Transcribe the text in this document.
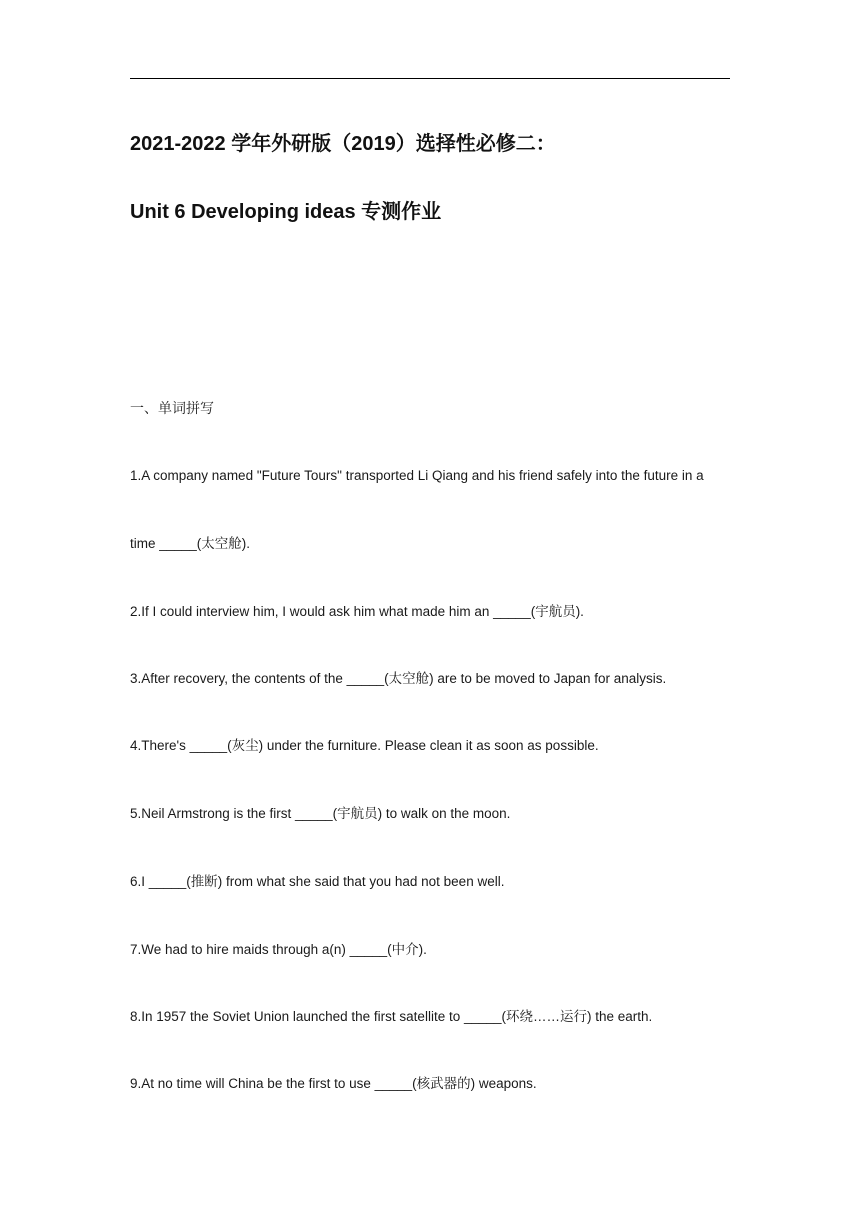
2021-2022 学年外研版（2019）选择性必修二：
Unit 6 Developing ideas 专测作业
一、单词拼写
1.A company named "Future Tours" transported Li Qiang and his friend safely into the future in a
time _____(太空舱).
2.If I could interview him, I would ask him what made him an _____(宇航员).
3.After recovery, the contents of the _____(太空舱) are to be moved to Japan for analysis.
4.There's _____(灰尘) under the furniture. Please clean it as soon as possible.
5.Neil Armstrong is the first _____(宇航员) to walk on the moon.
6.I _____(推断) from what she said that you had not been well.
7.We had to hire maids through a(n) _____(中介).
8.In 1957 the Soviet Union launched the first satellite to _____(环绕……运行) the earth.
9.At no time will China be the first to use _____(核武器的) weapons.
